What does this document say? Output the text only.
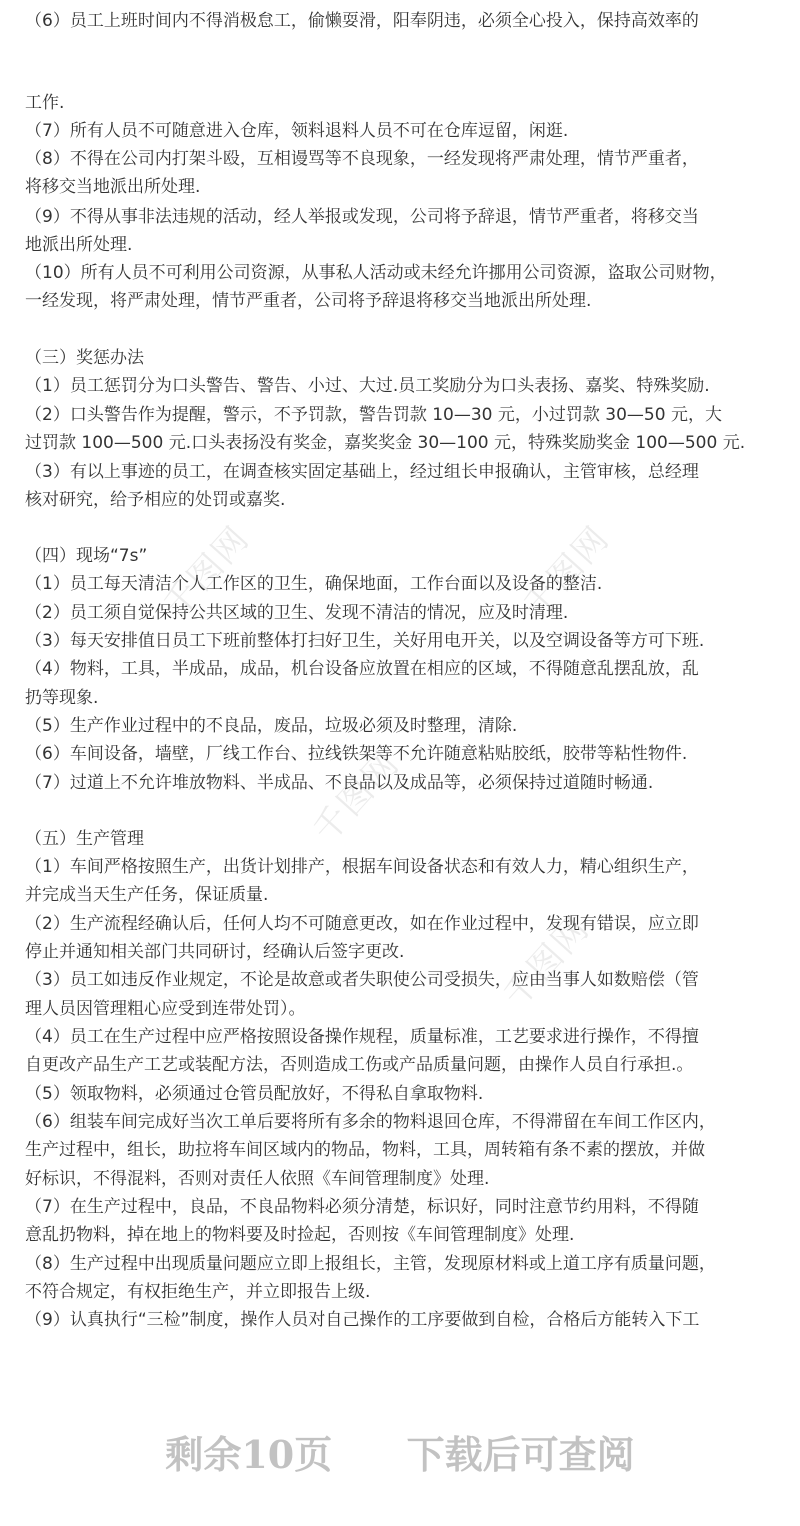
千图网	千图网
千图网
千图网
（6）员工上班时间内不得消极怠工，偷懒耍滑，阳奉阴违，必须全心投入，保持高效率的
工作.
（7）所有人员不可随意进入仓库，领料退料人员不可在仓库逗留，闲逛.
（8）不得在公司内打架斗殴，互相谩骂等不良现象，一经发现将严肃处理，情节严重者，
将移交当地派出所处理.
（9）不得从事非法违规的活动，经人举报或发现，公司将予辞退，情节严重者，将移交当
地派出所处理.
（10）所有人员不可利用公司资源，从事私人活动或未经允许挪用公司资源，盗取公司财物，
一经发现，将严肃处理，情节严重者，公司将予辞退将移交当地派出所处理.
（三）奖惩办法
（1）员工惩罚分为口头警告、警告、小过、大过.员工奖励分为口头表扬、嘉奖、特殊奖励.
（2）口头警告作为提醒，警示，不予罚款，警告罚款 10—30 元，小过罚款 30—50 元，大
过罚款 100—500 元.口头表扬没有奖金，嘉奖奖金 30—100 元，特殊奖励奖金 100—500 元.
（3）有以上事迹的员工，在调查核实固定基础上，经过组长申报确认，主管审核，总经理
核对研究，给予相应的处罚或嘉奖.
（四）现场“7s”
（1）员工每天清洁个人工作区的卫生，确保地面，工作台面以及设备的整洁.
（2）员工须自觉保持公共区域的卫生、发现不清洁的情况，应及时清理.
（3）每天安排值日员工下班前整体打扫好卫生，关好用电开关，以及空调设备等方可下班.
（4）物料，工具，半成品，成品，机台设备应放置在相应的区域，不得随意乱摆乱放，乱
扔等现象.
（5）生产作业过程中的不良品，废品，垃圾必须及时整理，清除.
（6）车间设备，墙壁，厂线工作台、拉线铁架等不允许随意粘贴胶纸，胶带等粘性物件.
（7）过道上不允许堆放物料、半成品、不良品以及成品等，必须保持过道随时畅通.
（五）生产管理
（1）车间严格按照生产，出货计划排产，根据车间设备状态和有效人力，精心组织生产，
并完成当天生产任务，保证质量.
（2）生产流程经确认后，任何人均不可随意更改，如在作业过程中，发现有错误，应立即
停止并通知相关部门共同研讨，经确认后签字更改.
（3）员工如违反作业规定，不论是故意或者失职使公司受损失，应由当事人如数赔偿（管
理人员因管理粗心应受到连带处罚）。
（4）员工在生产过程中应严格按照设备操作规程，质量标准，工艺要求进行操作，不得擅
自更改产品生产工艺或装配方法，否则造成工伤或产品质量问题，由操作人员自行承担.。
（5）领取物料，必须通过仓管员配放好，不得私自拿取物料.
（6）组装车间完成好当次工单后要将所有多余的物料退回仓库，不得滞留在车间工作区内，
生产过程中，组长，助拉将车间区域内的物品，物料，工具，周转箱有条不素的摆放，并做
好标识，不得混料，否则对责任人依照《车间管理制度》处理.
（7）在生产过程中，良品，不良品物料必须分清楚，标识好，同时注意节约用料，不得随
意乱扔物料，掉在地上的物料要及时捡起，否则按《车间管理制度》处理.
（8）生产过程中出现质量问题应立即上报组长，主管，发现原材料或上道工序有质量问题，
不符合规定，有权拒绝生产，并立即报告上级.
（9）认真执行“三检”制度，操作人员对自己操作的工序要做到自检，合格后方能转入下工
剩余10页 下载后可查阅
